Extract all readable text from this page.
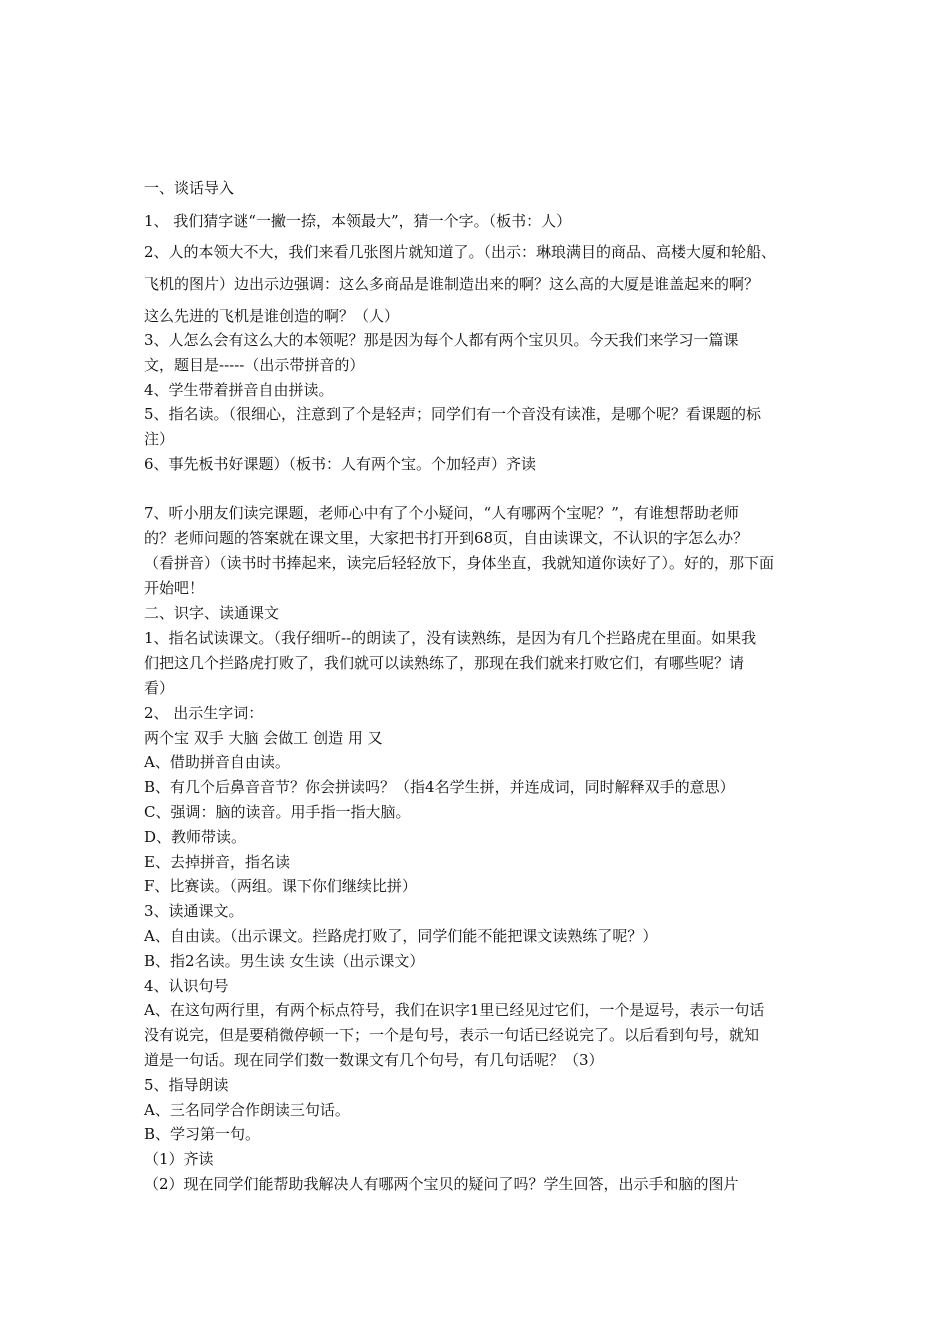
一、谈话导入
1、 我们猜字谜“一撇一捺，本领最大”，猜一个字。（板书：人）
2、人的本领大不大，我们来看几张图片就知道了。（出示：琳琅满目的商品、高楼大厦和轮船、
飞机的图片）边出示边强调：这么多商品是谁制造出来的啊？这么高的大厦是谁盖起来的啊？
这么先进的飞机是谁创造的啊？（人）
3、人怎么会有这么大的本领呢？那是因为每个人都有两个宝贝贝。今天我们来学习一篇课
文，题目是-----（出示带拼音的）
4、学生带着拼音自由拼读。
5、指名读。（很细心，注意到了个是轻声；同学们有一个音没有读准，是哪个呢？看课题的标
注）
6、事先板书好课题）（板书：人有两个宝。个加轻声）齐读
7、听小朋友们读完课题，老师心中有了个小疑问，“人有哪两个宝呢？”，有谁想帮助老师
的？老师问题的答案就在课文里，大家把书打开到68页，自由读课文，不认识的字怎么办？
（看拼音）（读书时书捧起来，读完后轻轻放下，身体坐直，我就知道你读好了）。好的，那下面
开始吧！
二、识字、读通课文
1、指名试读课文。（我仔细听--的朗读了，没有读熟练，是因为有几个拦路虎在里面。如果我
们把这几个拦路虎打败了，我们就可以读熟练了，那现在我们就来打败它们，有哪些呢？请
看）
2、 出示生字词：
两个宝 双手 大脑 会做工 创造 用 又
A、借助拼音自由读。
B、有几个后鼻音音节？你会拼读吗？（指4名学生拼，并连成词，同时解释双手的意思）
C、强调：脑的读音。用手指一指大脑。
D、教师带读。
E、去掉拼音，指名读
F、比赛读。（两组。课下你们继续比拼）
3、读通课文。
A、自由读。（出示课文。拦路虎打败了，同学们能不能把课文读熟练了呢？）
B、指2名读。男生读 女生读（出示课文）
4、认识句号
A、在这句两行里，有两个标点符号，我们在识字1里已经见过它们，一个是逗号，表示一句话
没有说完，但是要稍微停顿一下；一个是句号，表示一句话已经说完了。以后看到句号，就知
道是一句话。现在同学们数一数课文有几个句号，有几句话呢？（3）
5、指导朗读
A、三名同学合作朗读三句话。
B、学习第一句。
（1）齐读
（2）现在同学们能帮助我解决人有哪两个宝贝的疑问了吗？学生回答，出示手和脑的图片
